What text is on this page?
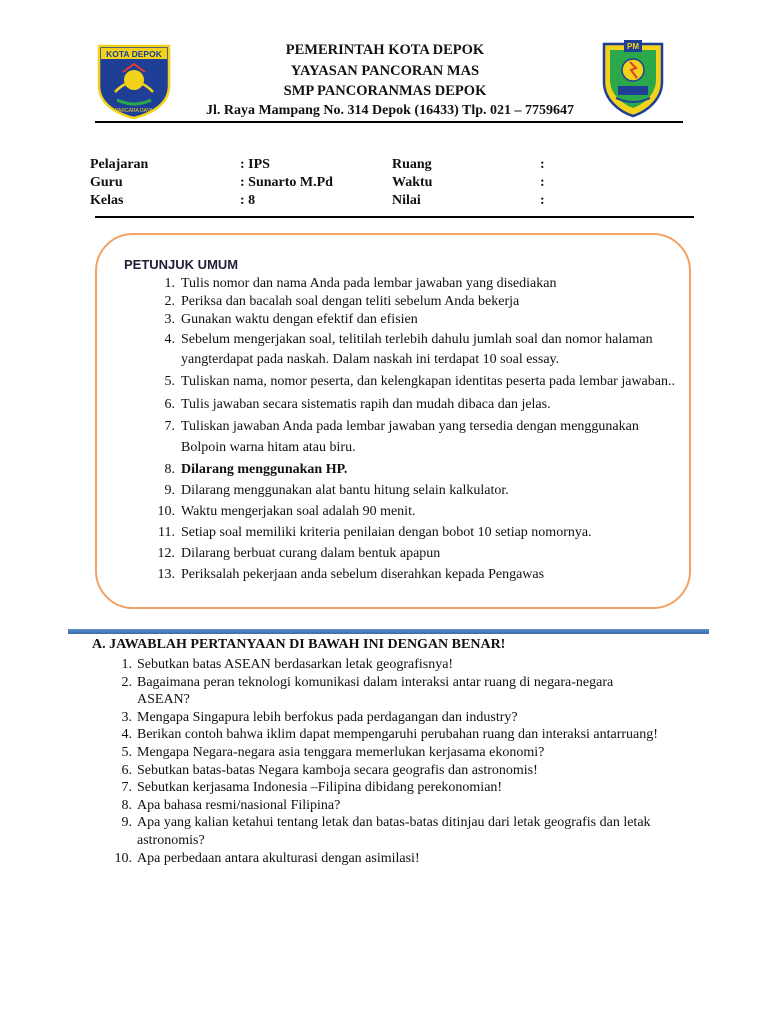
KOTA DEPOK
PARCARA DAYA
PM
PEMERINTAH KOTA DEPOK
YAYASAN PANCORAN MAS
SMP PANCORANMAS DEPOK
Jl. Raya Mampang No. 314 Depok (16433) Tlp. 021 – 7759647
Pelajaran
Guru
Kelas
: IPS
: Sunarto M.Pd
: 8
Ruang
Waktu
Nilai
:
:
:
PETUNJUK UMUM
1. Tulis nomor dan nama Anda pada lembar jawaban yang disediakan
2. Periksa dan bacalah soal dengan teliti sebelum Anda bekerja
3. Gunakan waktu dengan efektif dan efisien
4. Sebelum mengerjakan soal, telitilah terlebih dahulu jumlah soal dan nomor halaman yangterdapat pada naskah. Dalam naskah ini terdapat 10 soal essay.
5. Tuliskan nama, nomor peserta, dan kelengkapan identitas peserta pada lembar jawaban..
6. Tulis jawaban secara sistematis rapih dan mudah dibaca dan jelas.
7. Tuliskan jawaban Anda pada lembar jawaban yang tersedia dengan menggunakan Bolpoin warna hitam atau biru.
8. Dilarang menggunakan HP.
9. Dilarang menggunakan alat bantu hitung selain kalkulator.
10. Waktu mengerjakan soal adalah 90 menit.
11. Setiap soal memiliki kriteria penilaian dengan bobot 10 setiap nomornya.
12. Dilarang berbuat curang dalam bentuk apapun
13. Periksalah pekerjaan anda sebelum diserahkan kepada Pengawas
A. JAWABLAH PERTANYAAN DI BAWAH INI DENGAN BENAR!
1. Sebutkan batas ASEAN berdasarkan letak geografisnya!
2. Bagaimana peran teknologi komunikasi dalam interaksi antar ruang di negara-negara ASEAN?
3. Mengapa Singapura lebih berfokus pada perdagangan dan industry?
4. Berikan contoh bahwa iklim dapat mempengaruhi perubahan ruang dan interaksi antarruang!
5. Mengapa Negara-negara asia tenggara memerlukan kerjasama ekonomi?
6. Sebutkan batas-batas Negara kamboja secara geografis dan astronomis!
7. Sebutkan kerjasama Indonesia –Filipina dibidang perekonomian!
8. Apa bahasa resmi/nasional Filipina?
9. Apa yang kalian ketahui tentang letak dan batas-batas ditinjau dari letak geografis dan letak astronomis?
10. Apa perbedaan antara akulturasi dengan asimilasi!
